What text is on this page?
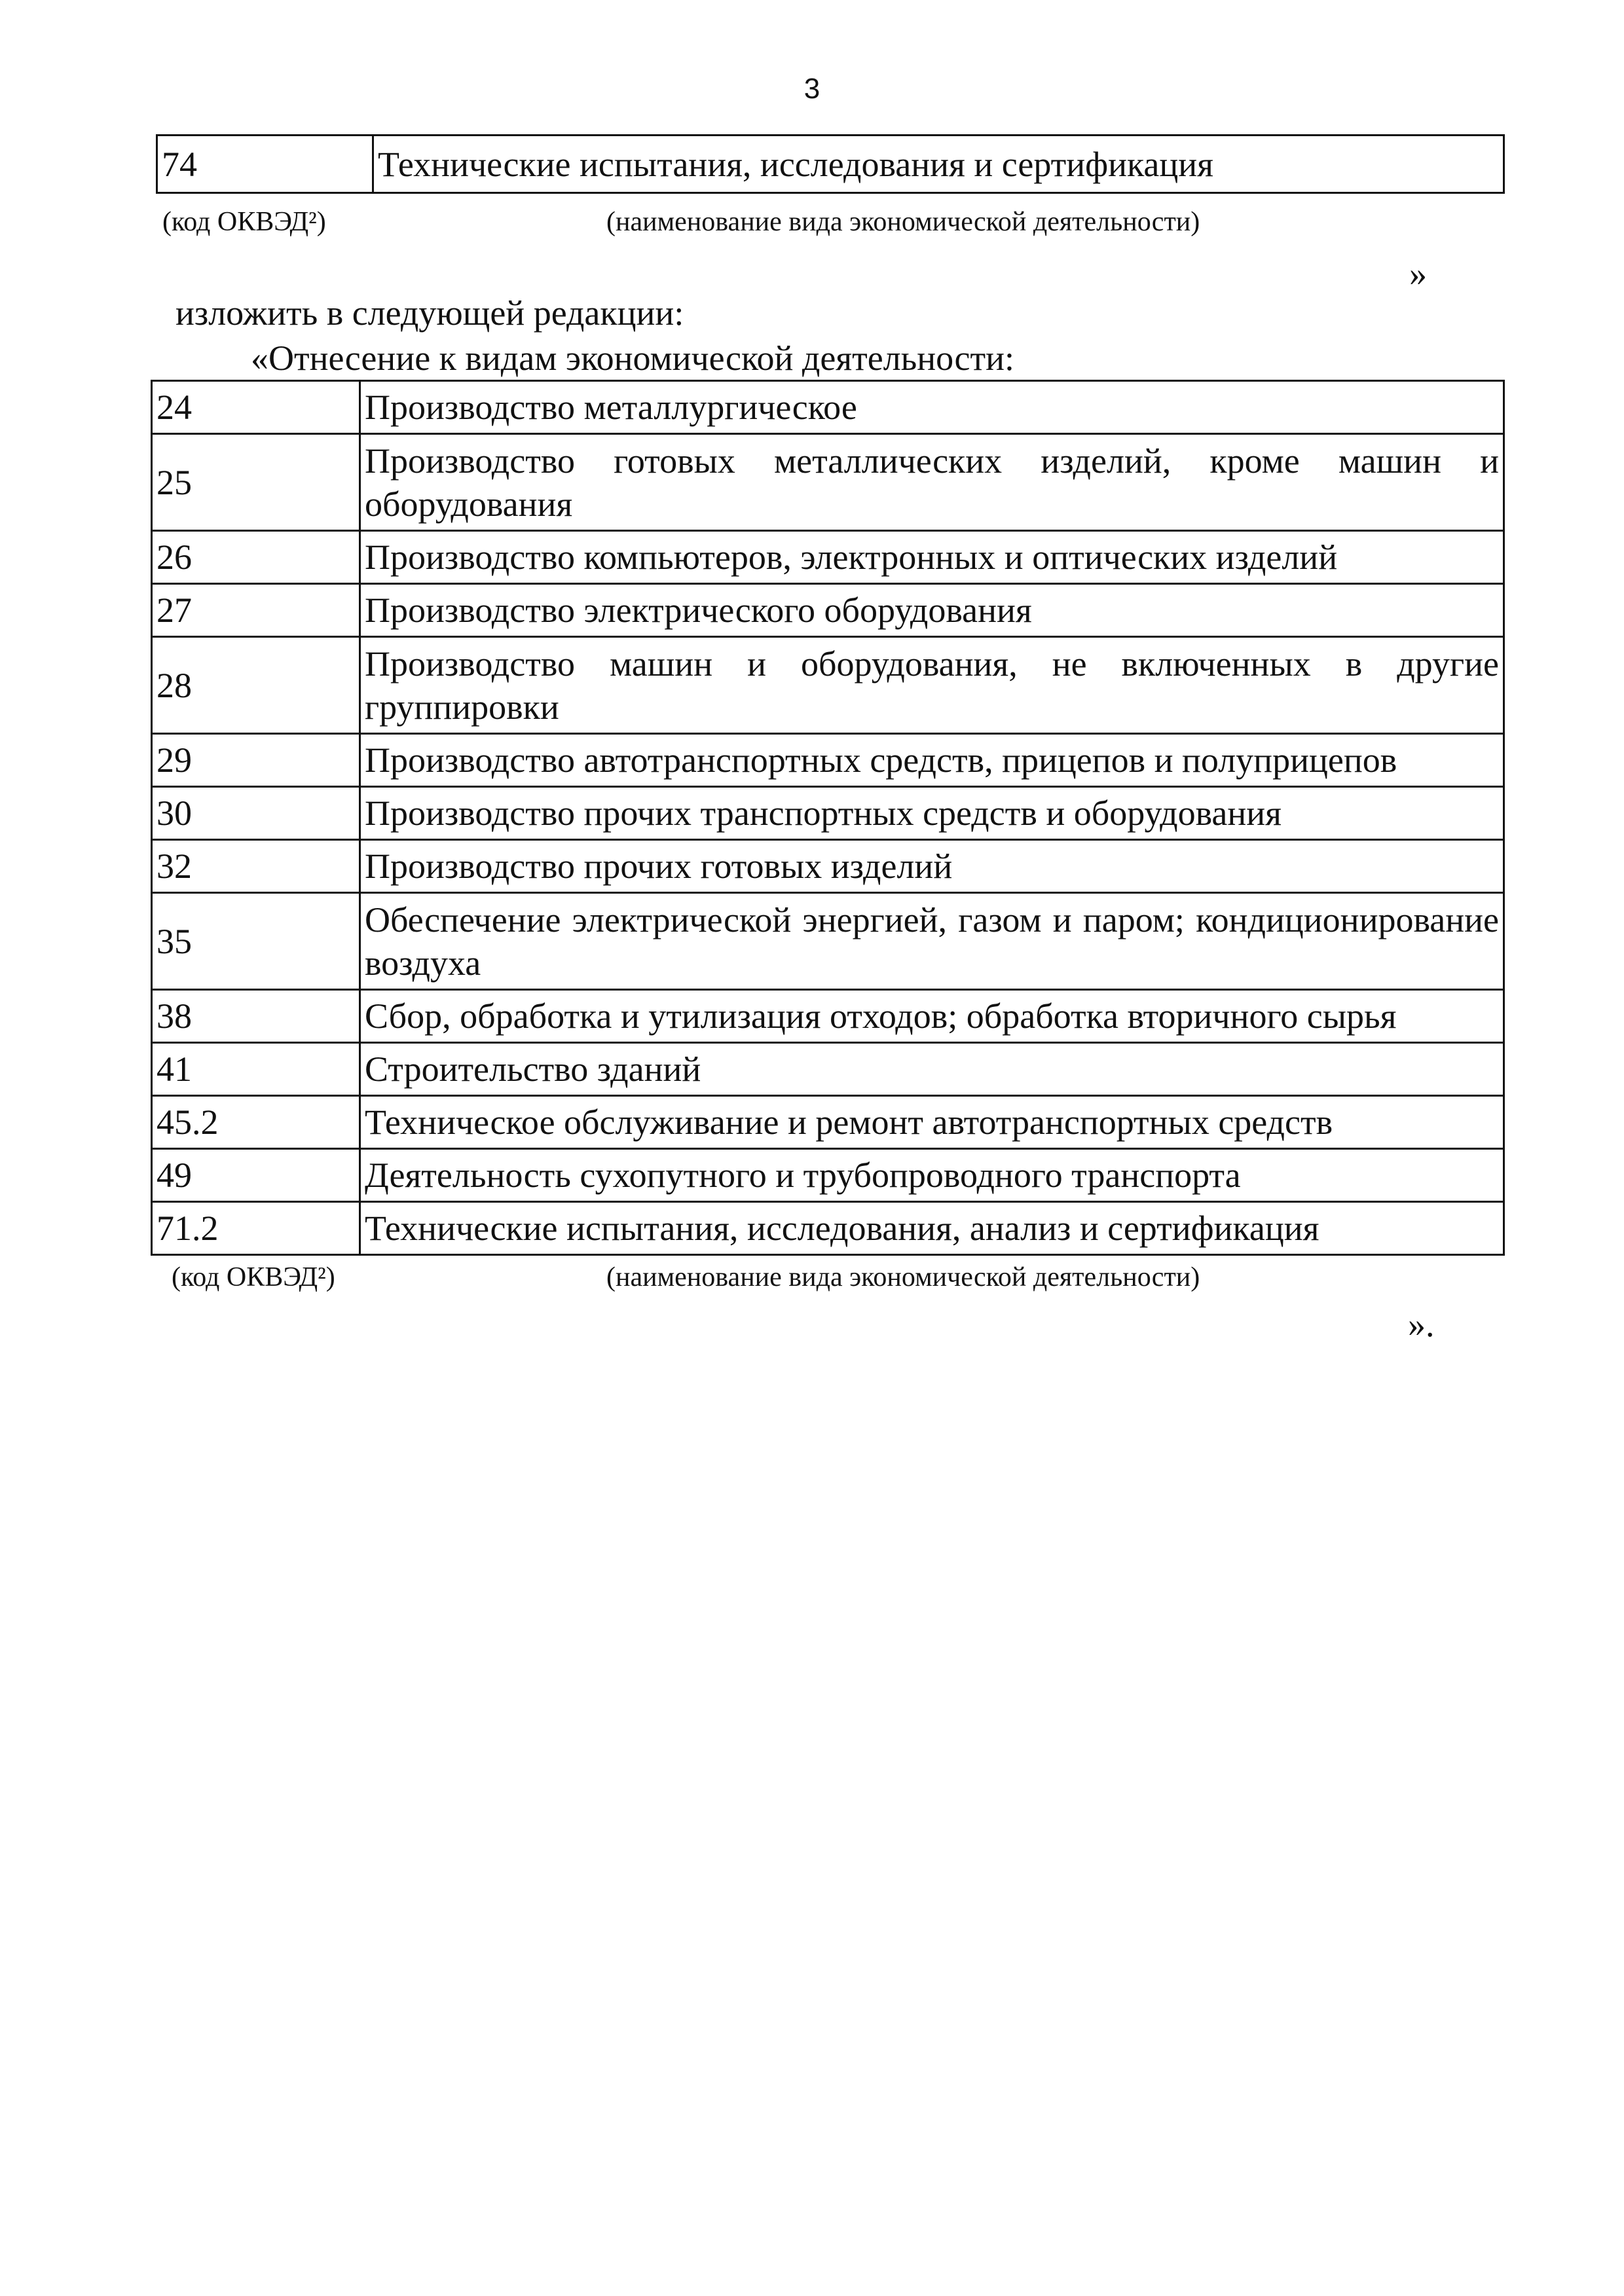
3
74	Технические испытания, исследования и сертификация
(код ОКВЭД²)	(наименование вида экономической деятельности)
»
изложить в следующей редакции:
«Отнесение к видам экономической деятельности:
24	Производство металлургическое
25	Производство готовых металлических изделий, кроме машин и оборудования
26	Производство компьютеров, электронных и оптических изделий
27	Производство электрического оборудования
28	Производство машин и оборудования, не включенных в другие группировки
29	Производство автотранспортных средств, прицепов и полуприцепов
30	Производство прочих транспортных средств и оборудования
32	Производство прочих готовых изделий
35	Обеспечение электрической энергией, газом и паром; кондиционирование воздуха
38	Сбор, обработка и утилизация отходов; обработка вторичного сырья
41	Строительство зданий
45.2	Техническое обслуживание и ремонт автотранспортных средств
49	Деятельность сухопутного и трубопроводного транспорта
71.2	Технические испытания, исследования, анализ и сертификация
(код ОКВЭД²)	(наименование вида экономической деятельности)
».
